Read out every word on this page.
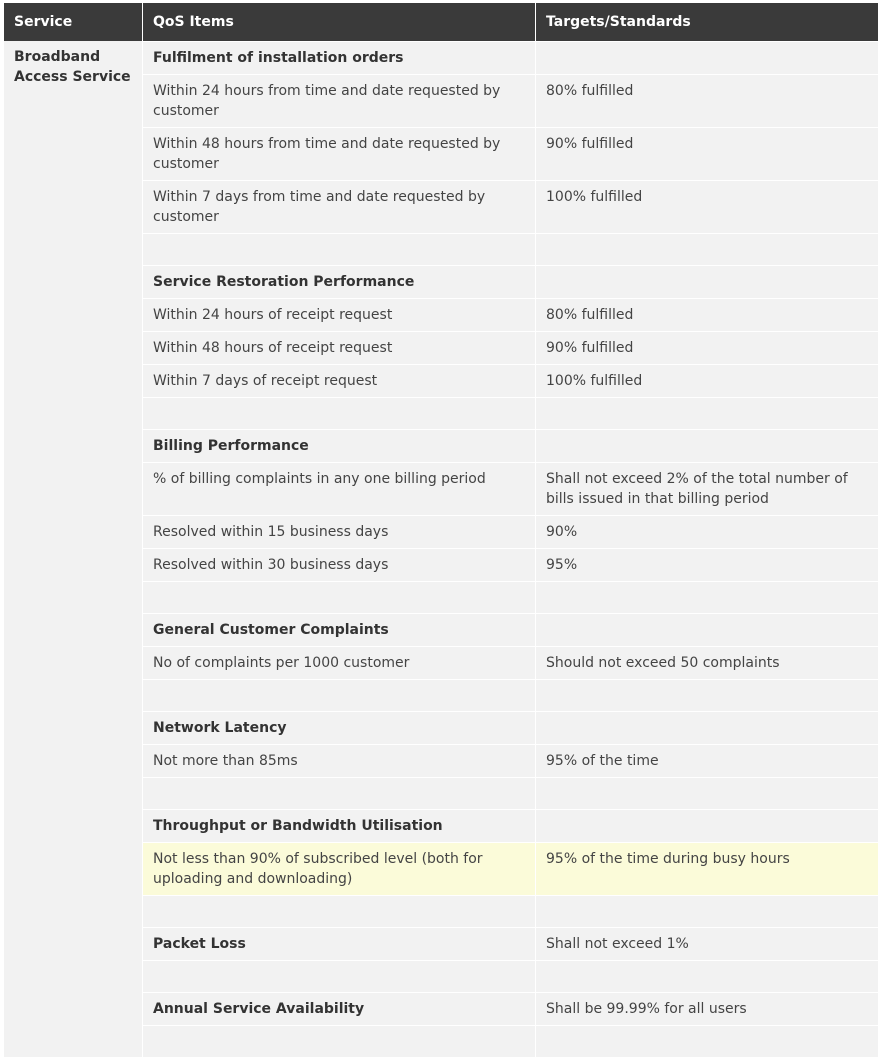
Service	QoS Items	Targets/Standards
Broadband Access Service	Fulfilment of installation orders	
	Within 24 hours from time and date requested by customer	80% fulfilled
	Within 48 hours from time and date requested by customer	90% fulfilled
	Within 7 days from time and date requested by customer	100% fulfilled

	Service Restoration Performance	
	Within 24 hours of receipt request	80% fulfilled
	Within 48 hours of receipt request	90% fulfilled
	Within 7 days of receipt request	100% fulfilled

	Billing Performance	
	% of billing complaints in any one billing period	Shall not exceed 2% of the total number of bills issued in that billing period
	Resolved within 15 business days	90%
	Resolved within 30 business days	95%

	General Customer Complaints	
	No of complaints per 1000 customer	Should not exceed 50 complaints

	Network Latency	
	Not more than 85ms	95% of the time

	Throughput or Bandwidth Utilisation	
	Not less than 90% of subscribed level (both for uploading and downloading)	95% of the time during busy hours

	Packet Loss	Shall not exceed 1%

	Annual Service Availability	Shall be 99.99% for all users
